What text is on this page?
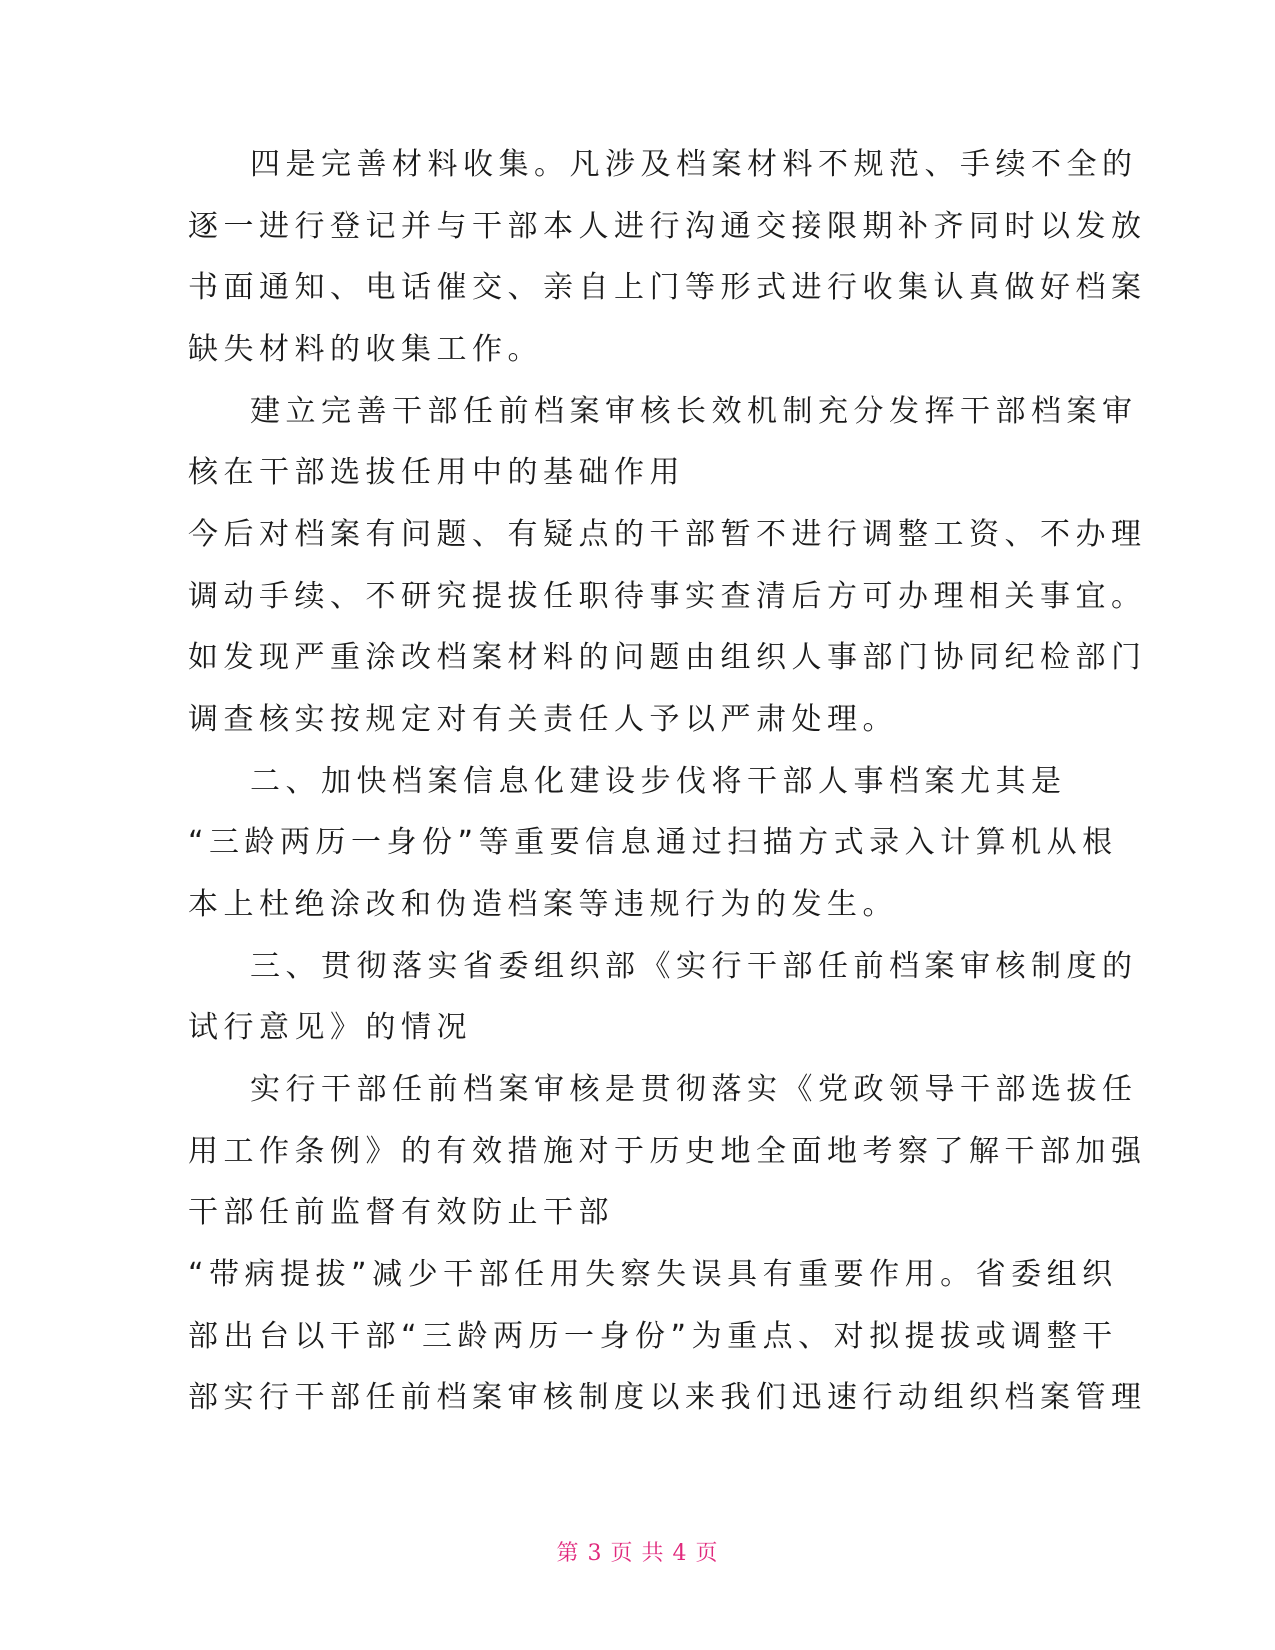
四是完善材料收集。凡涉及档案材料不规范、手续不全的
逐一进行登记并与干部本人进行沟通交接限期补齐同时以发放
书面通知、电话催交、亲自上门等形式进行收集认真做好档案
缺失材料的收集工作。
建立完善干部任前档案审核长效机制充分发挥干部档案审
核在干部选拔任用中的基础作用
今后对档案有问题、有疑点的干部暂不进行调整工资、不办理
调动手续、不研究提拔任职待事实查清后方可办理相关事宜。
如发现严重涂改档案材料的问题由组织人事部门协同纪检部门
调查核实按规定对有关责任人予以严肃处理。
二、加快档案信息化建设步伐将干部人事档案尤其是
“三龄两历一身份”等重要信息通过扫描方式录入计算机从根
本上杜绝涂改和伪造档案等违规行为的发生。
三、贯彻落实省委组织部《实行干部任前档案审核制度的
试行意见》的情况
实行干部任前档案审核是贯彻落实《党政领导干部选拔任
用工作条例》的有效措施对于历史地全面地考察了解干部加强
干部任前监督有效防止干部
“带病提拔”减少干部任用失察失误具有重要作用。省委组织
部出台以干部“三龄两历一身份”为重点、对拟提拔或调整干
部实行干部任前档案审核制度以来我们迅速行动组织档案管理
第 3 页 共 4 页
